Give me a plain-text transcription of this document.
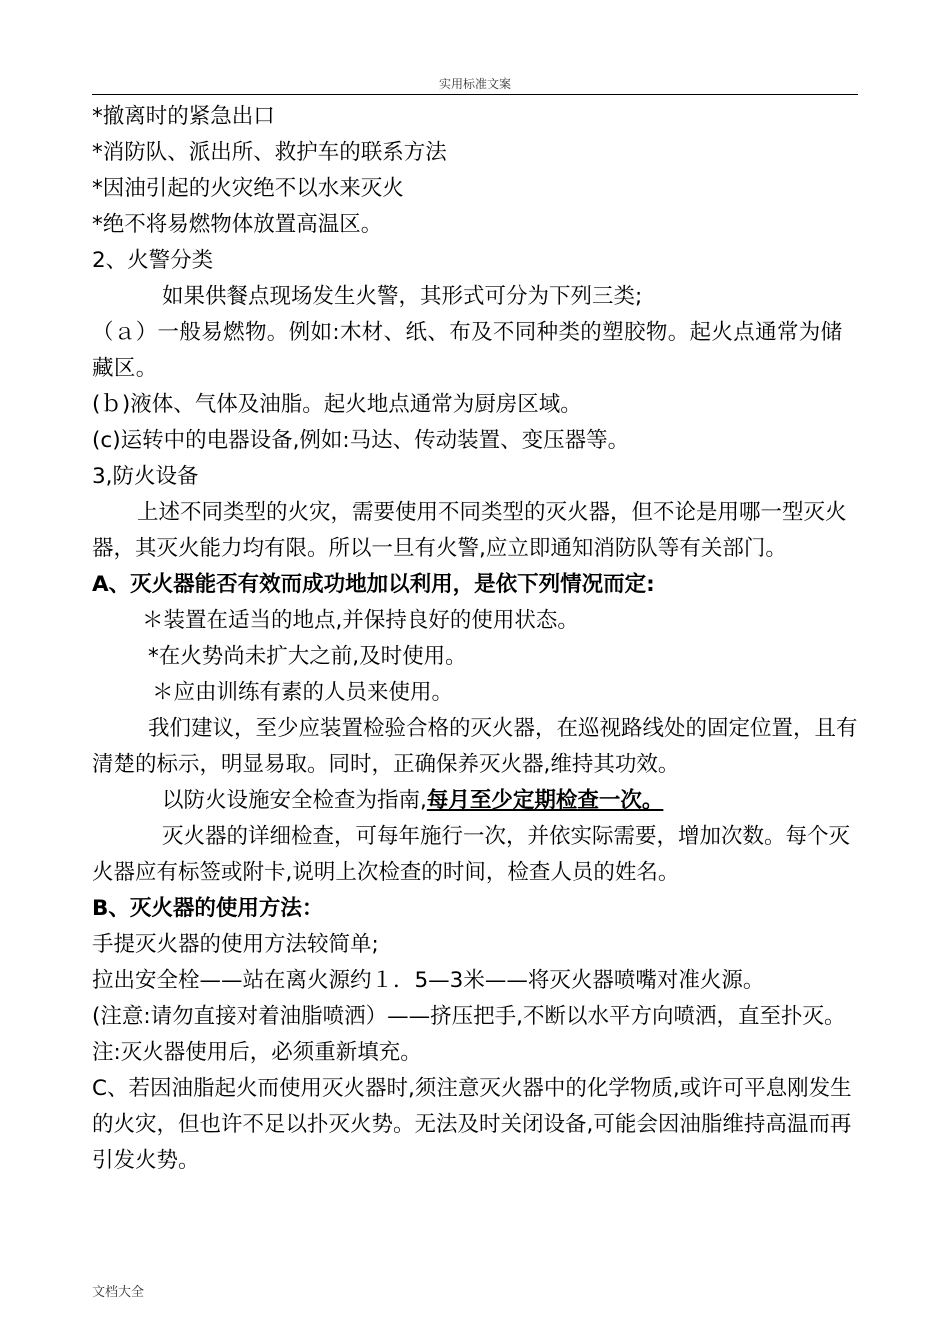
实用标准文案

*撤离时的紧急出口

*消防队、派出所、救护车的联系方法

*因油引起的火灾绝不以水来灭火

*绝不将易燃物体放置高温区。

2、火警分类

如果供餐点现场发生火警，其形式可分为下列三类;

（ａ）一般易燃物。例如:木材、纸、布及不同种类的塑胶物。起火点通常为储藏区。

(ｂ)液体、气体及油脂。起火地点通常为厨房区域。

(c)运转中的电器设备,例如:马达、传动装置、变压器等。

3,防火设备

上述不同类型的火灾，需要使用不同类型的灭火器，但不论是用哪一型灭火器，其灭火能力均有限。所以一旦有火警,应立即通知消防队等有关部门。

A、灭火器能否有效而成功地加以利用，是依下列情况而定:

＊装置在适当的地点,并保持良好的使用状态。

*在火势尚未扩大之前,及时使用。

＊应由训练有素的人员来使用。

我们建议，至少应装置检验合格的灭火器，在巡视路线处的固定位置，且有清楚的标示，明显易取。同时，正确保养灭火器,维持其功效。

以防火设施安全检查为指南,每月至少定期检查一次。

灭火器的详细检查，可每年施行一次，并依实际需要，增加次数。每个灭火器应有标签或附卡,说明上次检查的时间，检查人员的姓名。

B、灭火器的使用方法：

手提灭火器的使用方法较简单;

拉出安全栓——站在离火源约１．5—3米——将灭火器喷嘴对准火源。

(注意:请勿直接对着油脂喷洒）——挤压把手,不断以水平方向喷洒，直至扑灭。

注:灭火器使用后，必须重新填充。

C、若因油脂起火而使用灭火器时,须注意灭火器中的化学物质,或许可平息刚发生的火灾，但也许不足以扑灭火势。无法及时关闭设备,可能会因油脂维持高温而再引发火势。

文档大全
